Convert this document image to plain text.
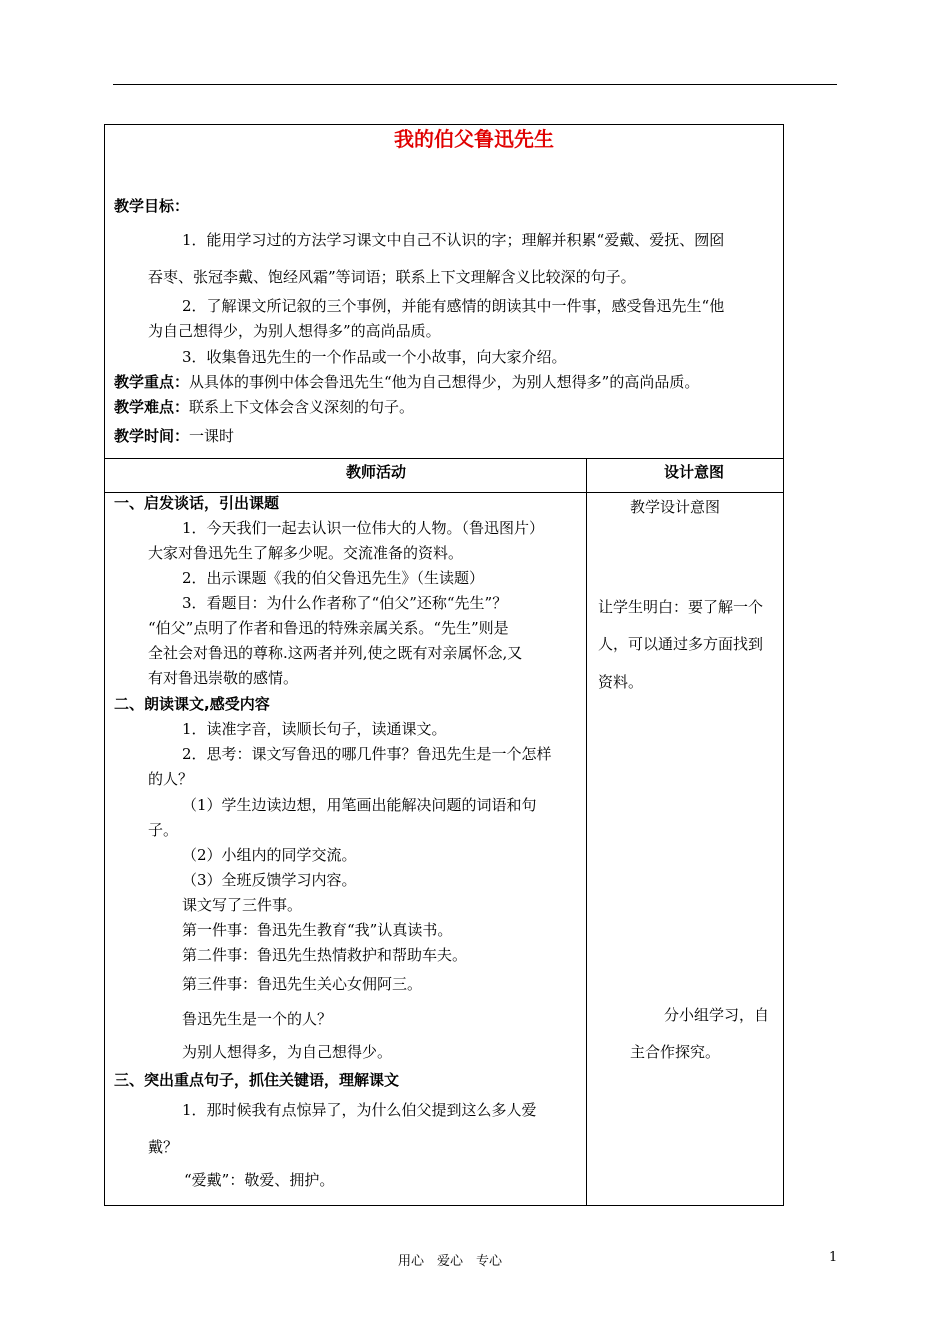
我的伯父鲁迅先生
教学目标：
1．能用学习过的方法学习课文中自己不认识的字；理解并积累“爱戴、爱抚、囫囵
吞枣、张冠李戴、饱经风霜”等词语；联系上下文理解含义比较深的句子。
2．了解课文所记叙的三个事例，并能有感情的朗读其中一件事，感受鲁迅先生“他
为自己想得少，为别人想得多”的高尚品质。
3．收集鲁迅先生的一个作品或一个小故事，向大家介绍。
教学重点：从具体的事例中体会鲁迅先生“他为自己想得少，为别人想得多”的高尚品质。
教学难点：联系上下文体会含义深刻的句子。
教学时间：一课时
教师活动	设计意图
一、启发谈话，引出课题
1．今天我们一起去认识一位伟大的人物。（鲁迅图片）
大家对鲁迅先生了解多少呢。交流准备的资料。
2．出示课题《我的伯父鲁迅先生》（生读题）
3．看题目：为什么作者称了“伯父”还称“先生”？
“伯父”点明了作者和鲁迅的特殊亲属关系。“先生”则是
全社会对鲁迅的尊称.这两者并列,使之既有对亲属怀念,又
有对鲁迅崇敬的感情。
二、朗读课文,感受内容
1．读准字音，读顺长句子，读通课文。
2．思考：课文写鲁迅的哪几件事？鲁迅先生是一个怎样
的人？
（1）学生边读边想，用笔画出能解决问题的词语和句
子。
（2）小组内的同学交流。
（3）全班反馈学习内容。
课文写了三件事。
第一件事：鲁迅先生教育“我”认真读书。
第二件事：鲁迅先生热情救护和帮助车夫。
第三件事：鲁迅先生关心女佣阿三。
鲁迅先生是一个的人？
为别人想得多，为自己想得少。
三、突出重点句子，抓住关键语，理解课文
1．那时候我有点惊异了，为什么伯父提到这么多人爱
戴？
“爱戴”：敬爱、拥护。
教学设计意图
让学生明白：要了解一个
人，可以通过多方面找到
资料。
分小组学习，自
主合作探究。
用心　爱心　专心	1
